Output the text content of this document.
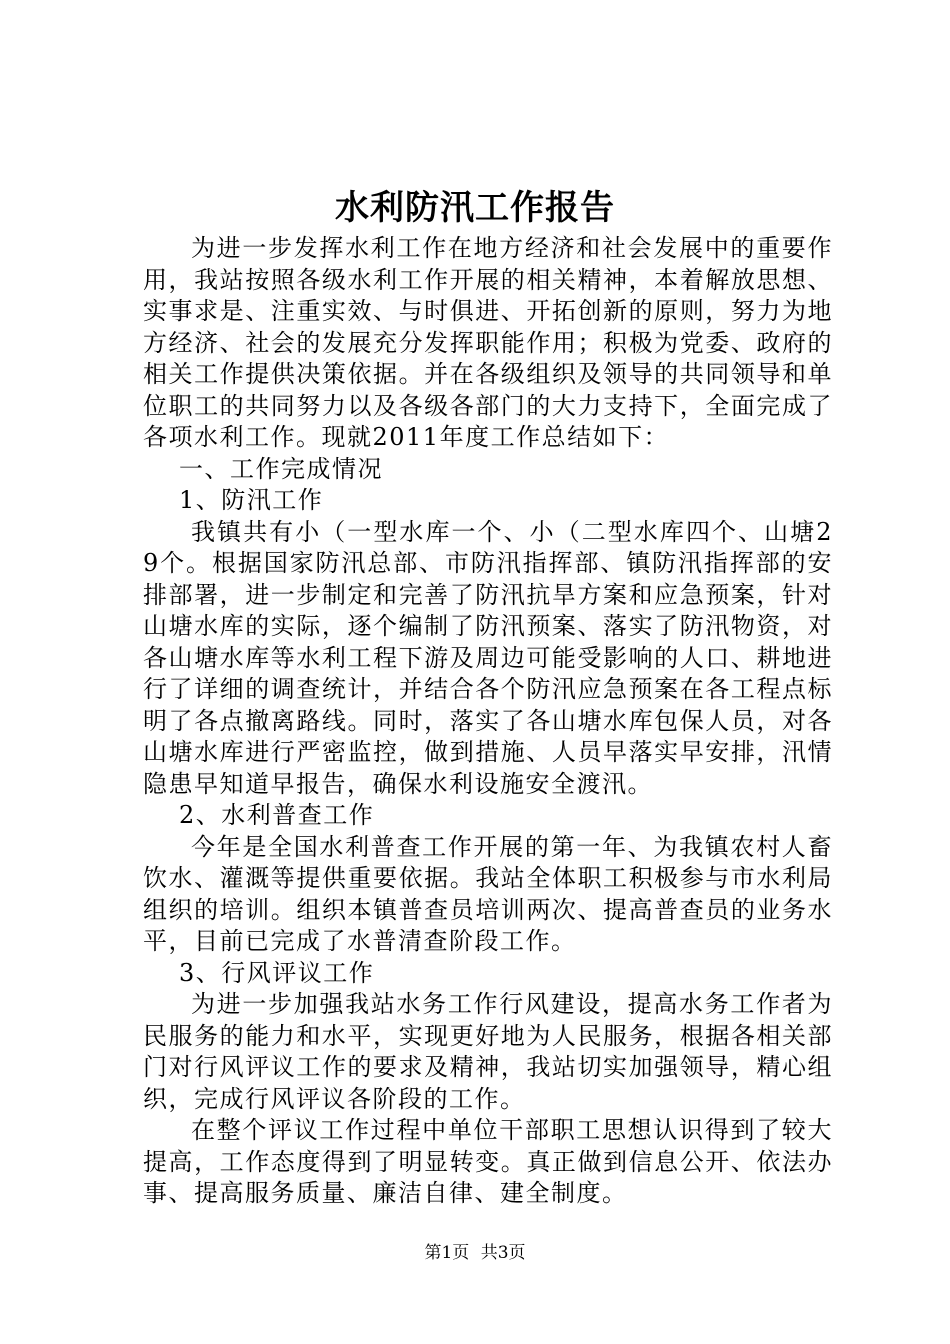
水利防汛工作报告

为进一步发挥水利工作在地方经济和社会发展中的重要作用，我站按照各级水利工作开展的相关精神，本着解放思想、实事求是、注重实效、与时俱进、开拓创新的原则，努力为地方经济、社会的发展充分发挥职能作用；积极为党委、政府的相关工作提供决策依据。并在各级组织及领导的共同领导和单位职工的共同努力以及各级各部门的大力支持下，全面完成了各项水利工作。现就2011年度工作总结如下：

一、工作完成情况

1、防汛工作

我镇共有小（一型水库一个、小（二型水库四个、山塘29个。根据国家防汛总部、市防汛指挥部、镇防汛指挥部的安排部署，进一步制定和完善了防汛抗旱方案和应急预案，针对山塘水库的实际，逐个编制了防汛预案、落实了防汛物资，对各山塘水库等水利工程下游及周边可能受影响的人口、耕地进行了详细的调查统计，并结合各个防汛应急预案在各工程点标明了各点撤离路线。同时，落实了各山塘水库包保人员，对各山塘水库进行严密监控，做到措施、人员早落实早安排，汛情隐患早知道早报告，确保水利设施安全渡汛。

2、水利普查工作

今年是全国水利普查工作开展的第一年、为我镇农村人畜饮水、灌溉等提供重要依据。我站全体职工积极参与市水利局组织的培训。组织本镇普查员培训两次、提高普查员的业务水平，目前已完成了水普清查阶段工作。

3、行风评议工作

为进一步加强我站水务工作行风建设，提高水务工作者为民服务的能力和水平，实现更好地为人民服务，根据各相关部门对行风评议工作的要求及精神，我站切实加强领导，精心组织，完成行风评议各阶段的工作。

在整个评议工作过程中单位干部职工思想认识得到了较大提高，工作态度得到了明显转变。真正做到信息公开、依法办事、提高服务质量、廉洁自律、建全制度。

第1页 共3页
